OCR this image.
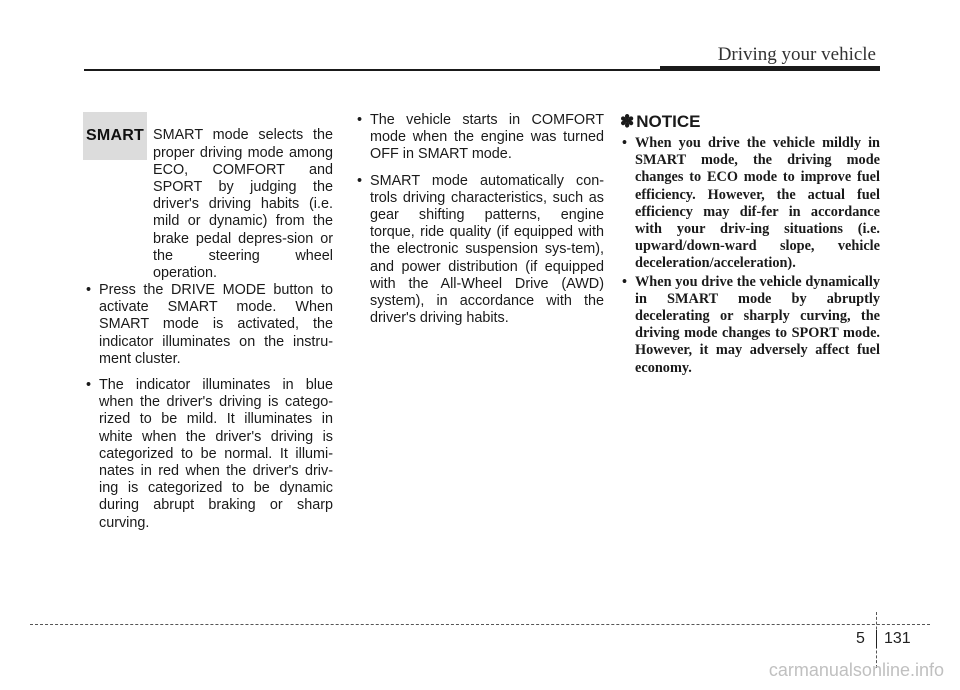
Driving your vehicle
SMART SMART mode selects the proper driving mode among ECO, COMFORT and SPORT by judging the driver's driving habits (i.e. mild or dynamic) from the brake pedal depres-sion or the steering wheel operation.

• Press the DRIVE MODE button to activate SMART mode. When SMART mode is activated, the indicator illuminates on the instru-ment cluster.
• The indicator illuminates in blue when the driver's driving is catego-rized to be mild. It illuminates in white when the driver's driving is categorized to be normal. It illumi-nates in red when the driver's driv-ing is categorized to be dynamic during abrupt braking or sharp curving.
• The vehicle starts in COMFORT mode when the engine was turned OFF in SMART mode.
• SMART mode automatically con-trols driving characteristics, such as gear shifting patterns, engine torque, ride quality (if equipped with the electronic suspension sys-tem), and power distribution (if equipped with the All-Wheel Drive (AWD) system), in accordance with the driver's driving habits.
✽ NOTICE
• When you drive the vehicle mildly in SMART mode, the driving mode changes to ECO mode to improve fuel efficiency. However, the actual fuel efficiency may dif-fer in accordance with your driv-ing situations (i.e. upward/down-ward slope, vehicle deceleration/acceleration).
• When you drive the vehicle dynamically in SMART mode by abruptly decelerating or sharply curving, the driving mode changes to SPORT mode. However, it may adversely affect fuel economy.
5 131
carmanualsonline.info
